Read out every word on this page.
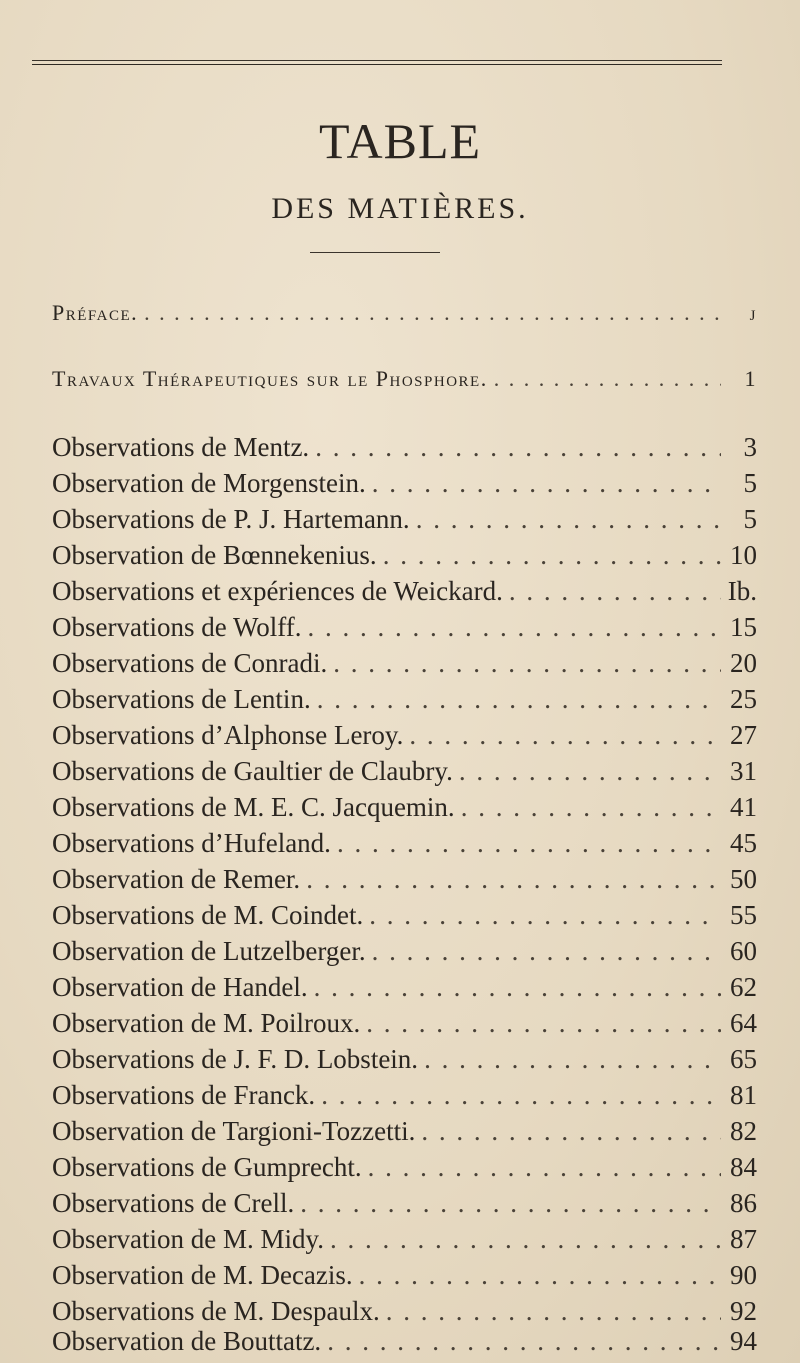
TABLE
DES MATIÈRES.
Préface. . . .	j
Travaux Thérapeutiques sur le Phosphore. . . .	1
Observations de Mentz. . . .	3
Observation de Morgenstein. . . .	5
Observations de P. J. Hartemann. . . .	5
Observation de Bœnnekenius. . . .	10
Observations et expériences de Weickard. . . .	Ib.
Observations de Wolff. . . .	15
Observations de Conradi. . . .	20
Observations de Lentin. . . .	25
Observations d’Alphonse Leroy. . . .	27
Observations de Gaultier de Claubry. . . .	31
Observations de M. E. C. Jacquemin. . . .	41
Observations d’Hufeland. . . .	45
Observation de Remer. . . .	50
Observations de M. Coindet. . . .	55
Observation de Lutzelberger. . . .	60
Observation de Handel. . . .	62
Observation de M. Poilroux. . . .	64
Observations de J. F. D. Lobstein. . . .	65
Observations de Franck. . . .	81
Observation de Targioni-Tozzetti. . . .	82
Observations de Gumprecht. . . .	84
Observations de Crell. . . .	86
Observation de M. Midy. . . .	87
Observation de M. Decazis. . . .	90
Observations de M. Despaulx. . . .	92
Observation de Bouttatz. . . .	94
